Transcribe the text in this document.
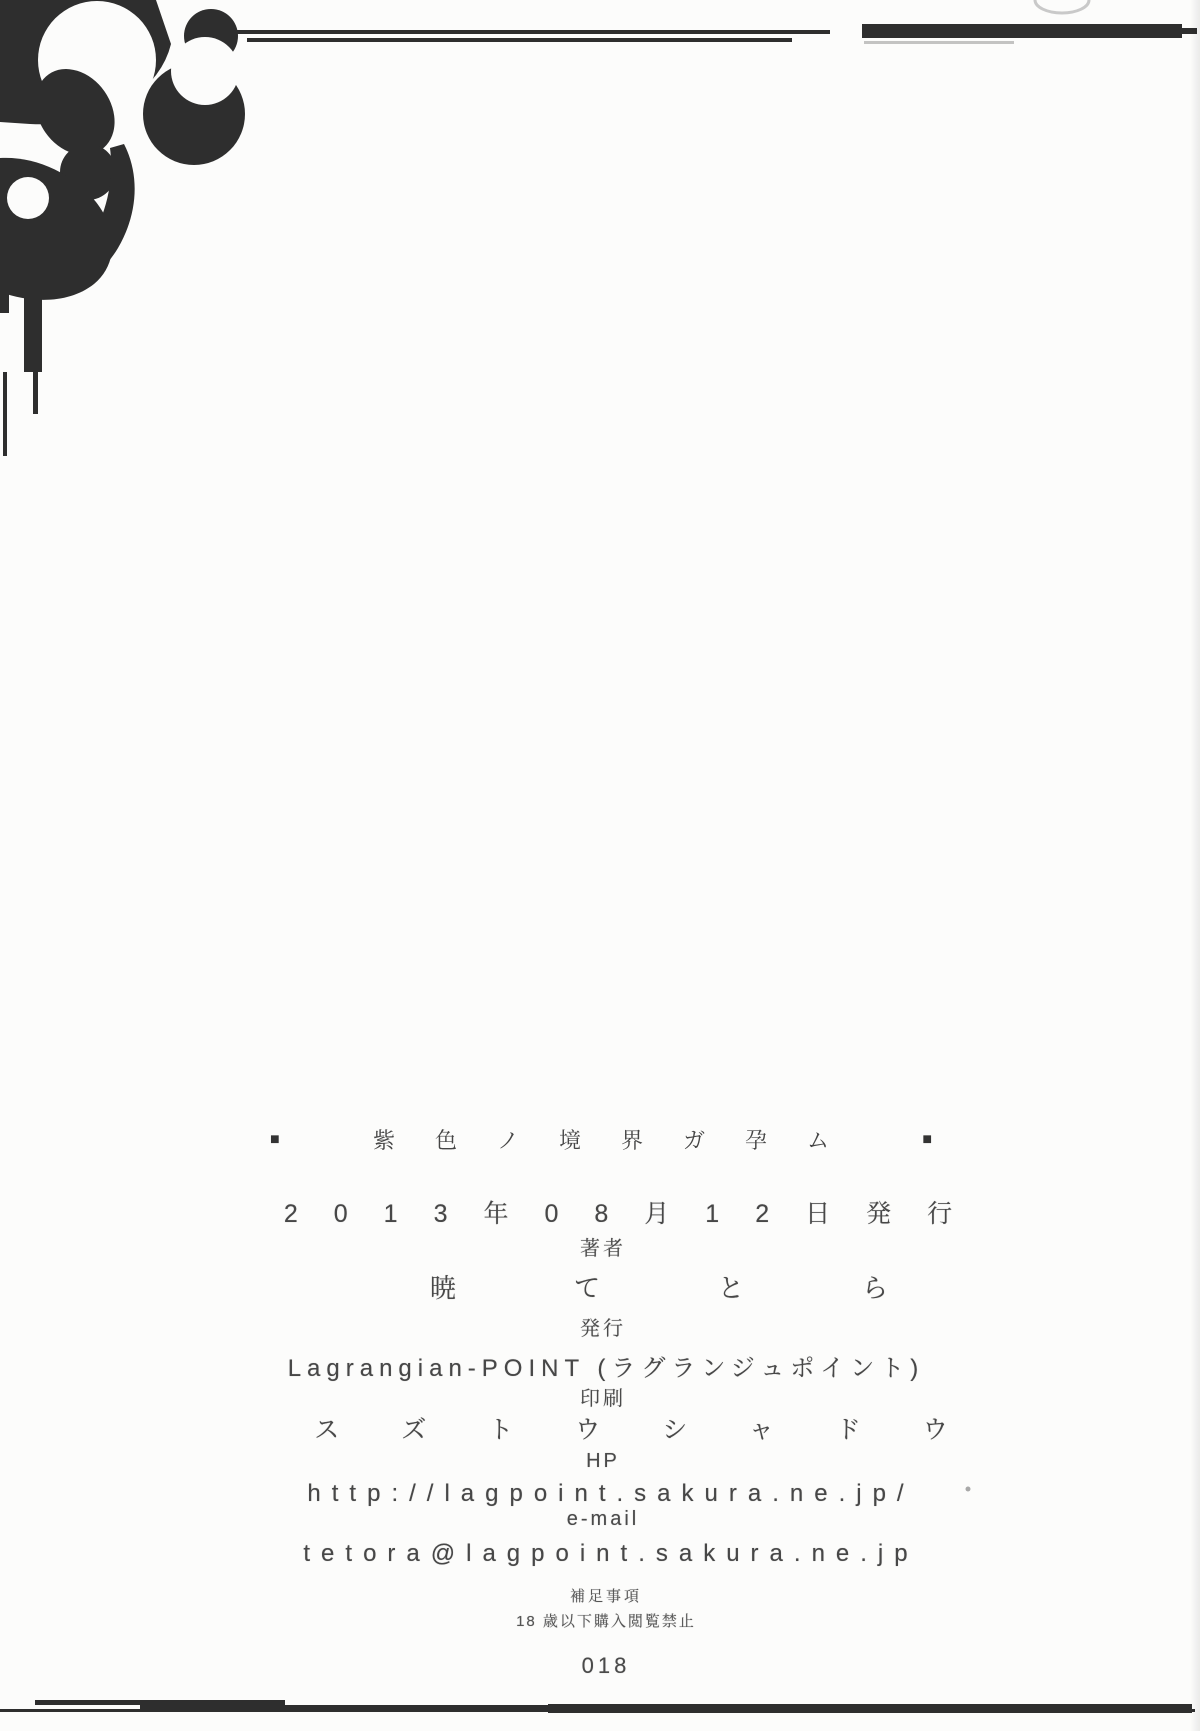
■	紫色ノ境界ガ孕ム	■
2013年08月12日発行
著者
暁てとら
発行
Lagrangian-POINT (ラグランジュポイント)
印刷
スズトウシャドウ
HP
http://lagpoint.sakura.ne.jp/
e-mail
tetora@lagpoint.sakura.ne.jp
補足事項
18 歳以下購入閲覧禁止
018
